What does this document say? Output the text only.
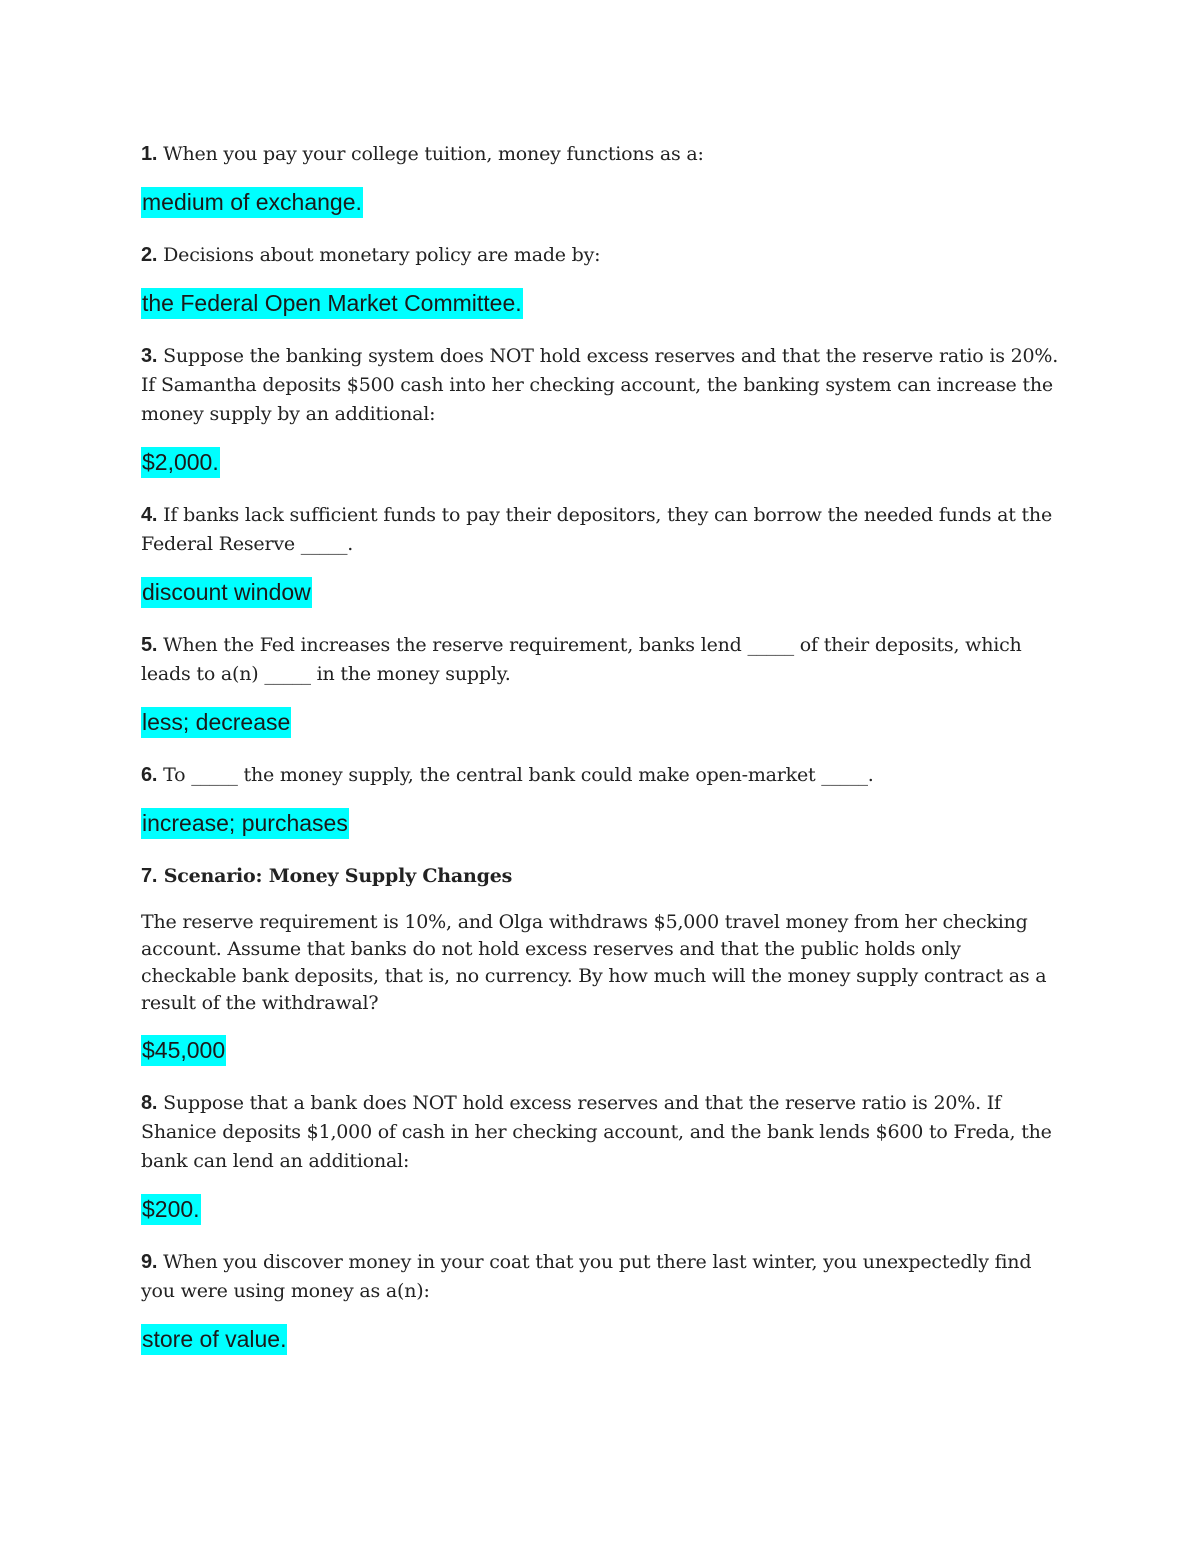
1. When you pay your college tuition, money functions as a:

medium of exchange.

2. Decisions about monetary policy are made by:

the Federal Open Market Committee.

3. Suppose the banking system does NOT hold excess reserves and that the reserve ratio is 20%. If Samantha deposits $500 cash into her checking account, the banking system can increase the money supply by an additional:

$2,000.

4. If banks lack sufficient funds to pay their depositors, they can borrow the needed funds at the Federal Reserve _____.

discount window

5. When the Fed increases the reserve requirement, banks lend _____ of their deposits, which leads to a(n) _____ in the money supply.

less; decrease

6. To _____ the money supply, the central bank could make open-market _____.

increase; purchases

7. Scenario: Money Supply Changes

The reserve requirement is 10%, and Olga withdraws $5,000 travel money from her checking account. Assume that banks do not hold excess reserves and that the public holds only checkable bank deposits, that is, no currency. By how much will the money supply contract as a result of the withdrawal?

$45,000

8. Suppose that a bank does NOT hold excess reserves and that the reserve ratio is 20%. If Shanice deposits $1,000 of cash in her checking account, and the bank lends $600 to Freda, the bank can lend an additional:

$200.

9. When you discover money in your coat that you put there last winter, you unexpectedly find you were using money as a(n):

store of value.
